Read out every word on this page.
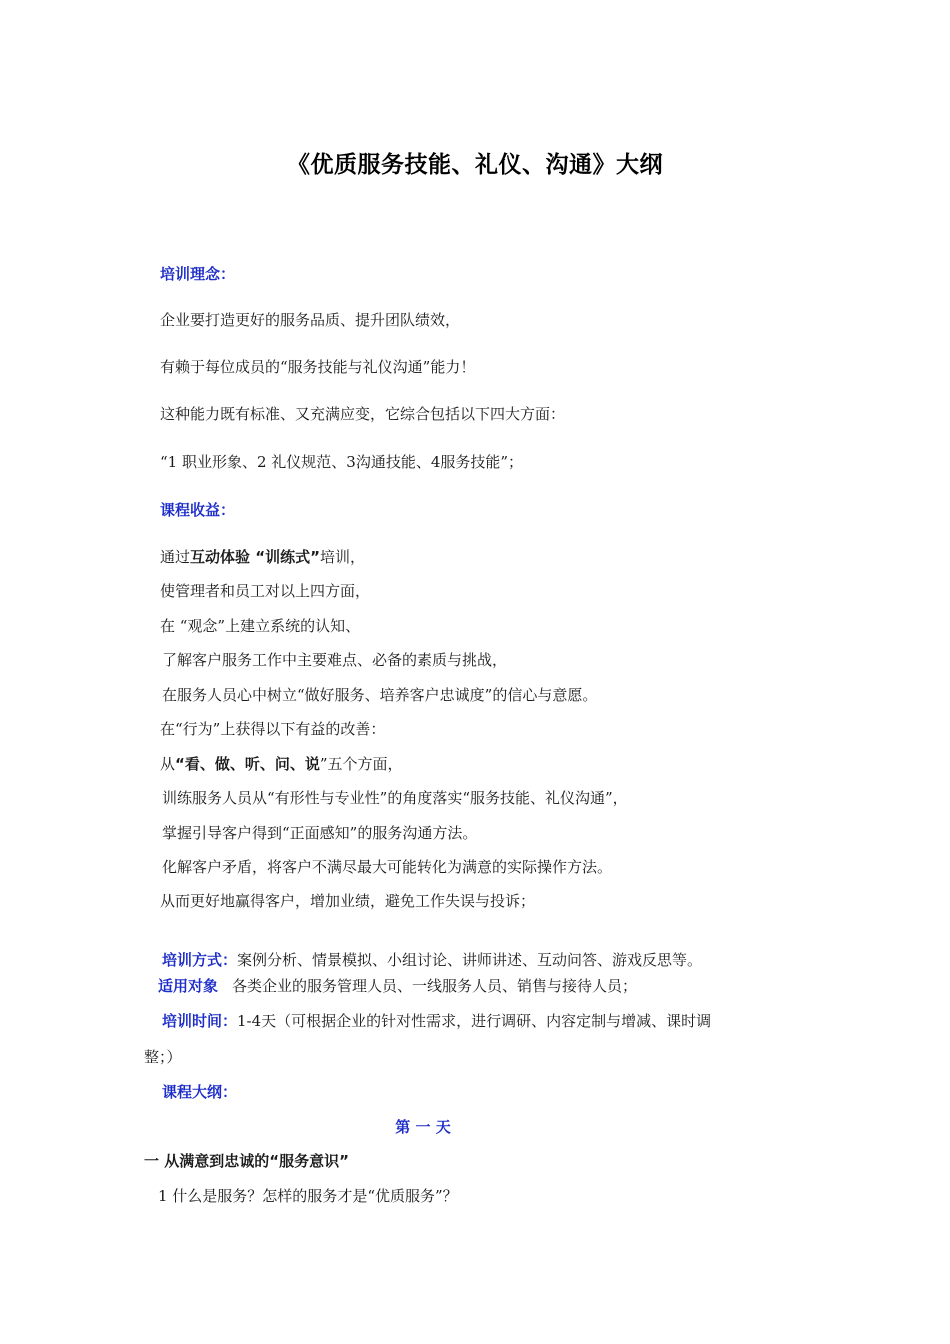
《优质服务技能、礼仪、沟通》大纲
培训理念：
企业要打造更好的服务品质、提升团队绩效，
有赖于每位成员的“服务技能与礼仪沟通”能力！
这种能力既有标准、又充满应变，它综合包括以下四大方面：
“1 职业形象、2 礼仪规范、3沟通技能、4服务技能”；
课程收益：
通过互动体验 “训练式”培训，
使管理者和员工对以上四方面，
在 “观念”上建立系统的认知、
了解客户服务工作中主要难点、必备的素质与挑战，
在服务人员心中树立“做好服务、培养客户忠诚度”的信心与意愿。
在“行为”上获得以下有益的改善：
从“看、做、听、问、说”五个方面，
训练服务人员从“有形性与专业性”的角度落实“服务技能、礼仪沟通”，
掌握引导客户得到“正面感知”的服务沟通方法。
化解客户矛盾，将客户不满尽最大可能转化为满意的实际操作方法。
从而更好地赢得客户，增加业绩，避免工作失误与投诉；
培训方式：案例分析、情景模拟、小组讨论、讲师讲述、互动问答、游戏反思等。
适用对象 各类企业的服务管理人员、一线服务人员、销售与接待人员；
培训时间：1-4天（可根据企业的针对性需求，进行调研、内容定制与增减、课时调
整；）
课程大纲：
第 一 天
一 从满意到忠诚的“服务意识”
1 什么是服务？怎样的服务才是“优质服务”？
